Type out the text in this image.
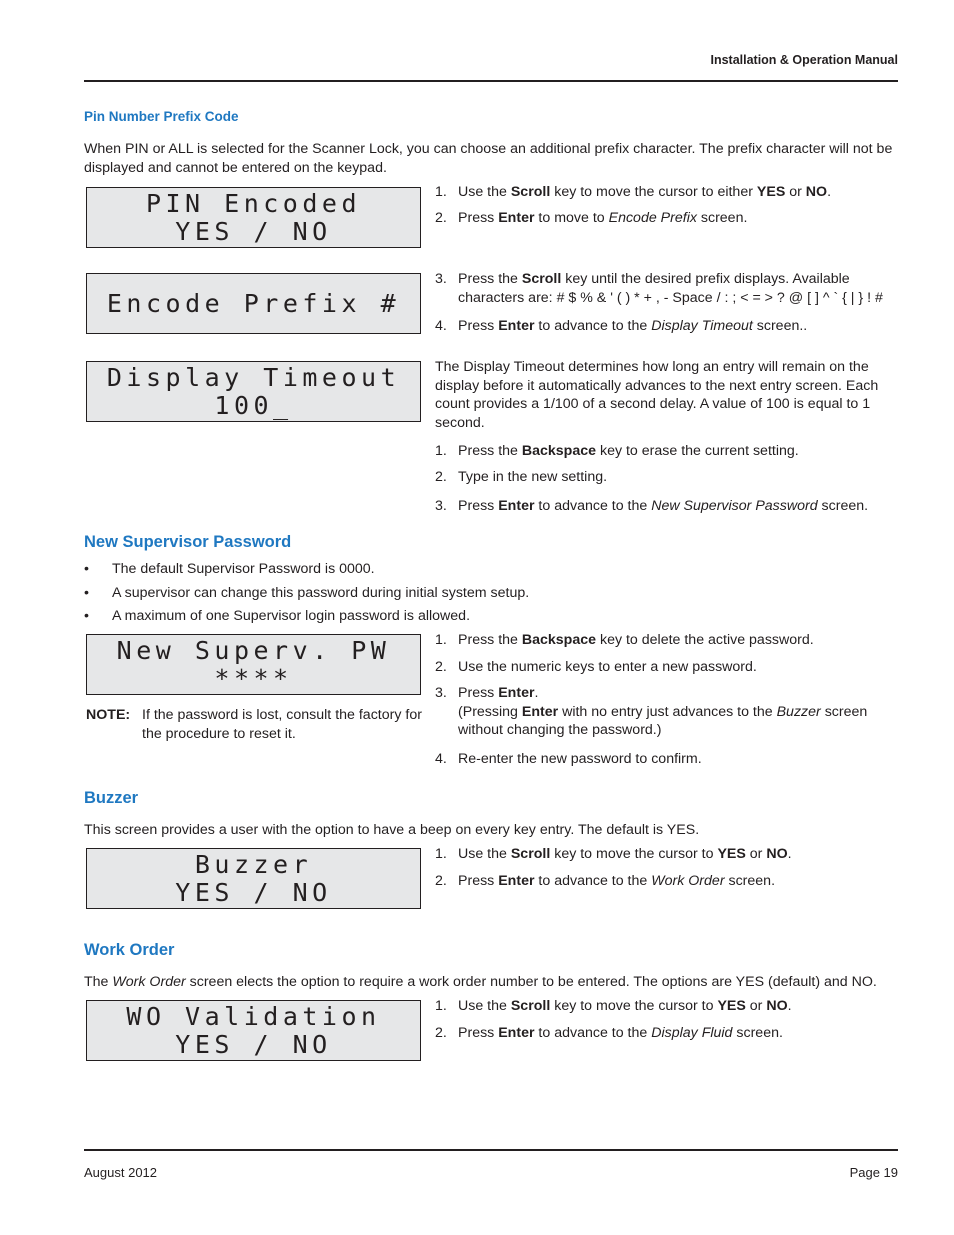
Installation & Operation Manual
Pin Number Prefix Code
When PIN or ALL is selected for the Scanner Lock, you can choose an additional prefix character. The prefix character will not be displayed and cannot be entered on the keypad.
PIN Encoded
YES / NO
1. Use the Scroll key to move the cursor to either YES or NO.
2. Press Enter to move to Encode Prefix screen.
Encode Prefix #
3. Press the Scroll key until the desired prefix displays. Available characters are: # $ % & ' ( ) * + , - Space / : ; < = > ? @ [ ] ^ ` { | } ! #
4. Press Enter to advance to the Display Timeout screen..
Display Timeout
100_
The Display Timeout determines how long an entry will remain on the display before it automatically advances to the next entry screen. Each count provides a 1/100 of a second delay. A value of 100 is equal to 1 second.
1. Press the Backspace key to erase the current setting.
2. Type in the new setting.
3. Press Enter to advance to the New Supervisor Password screen.
New Supervisor Password
• The default Supervisor Password is 0000.
• A supervisor can change this password during initial system setup.
• A maximum of one Supervisor login password is allowed.
New Superv. PW
****
NOTE: If the password is lost, consult the factory for the procedure to reset it.
1. Press the Backspace key to delete the active password.
2. Use the numeric keys to enter a new password.
3. Press Enter.
(Pressing Enter with no entry just advances to the Buzzer screen without changing the password.)
4. Re-enter the new password to confirm.
Buzzer
This screen provides a user with the option to have a beep on every key entry. The default is YES.
Buzzer
YES / NO
1. Use the Scroll key to move the cursor to YES or NO.
2. Press Enter to advance to the Work Order screen.
Work Order
The Work Order screen elects the option to require a work order number to be entered. The options are YES (default) and NO.
WO Validation
YES / NO
1. Use the Scroll key to move the cursor to YES or NO.
2. Press Enter to advance to the Display Fluid screen.
August 2012	Page 19
